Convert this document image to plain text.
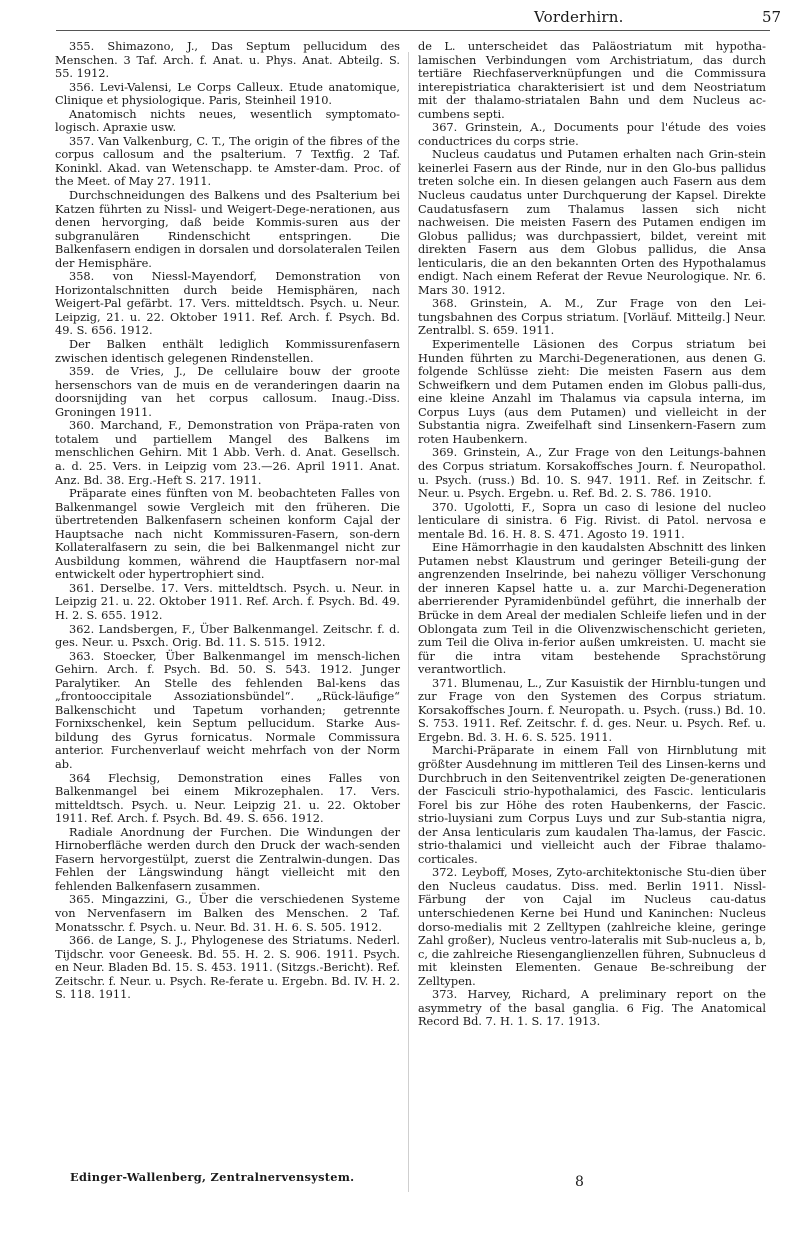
Vorderhirn.	57

355. Shimazono, J., Das Septum pellucidum des Menschen. 3 Taf. Arch. f. Anat. u. Phys. Anat. Abteilg. S. 55. 1912.

356. Levi-Valensi, Le Corps Calleux. Etude anatomique, Clinique et physiologique. Paris, Steinheil 1910.

Anatomisch nichts neues, wesentlich symptomato-logisch. Apraxie usw.

357. Van Valkenburg, C. T., The origin of the fibres of the corpus callosum and the psalterium. 7 Textfig. 2 Taf. Koninkl. Akad. van Wetenschapp. te Amster-dam. Proc. of the Meet. of May 27. 1911.

Durchschneidungen des Balkens und des Psalterium bei Katzen führten zu Nissl- und Weigert-Dege-nerationen, aus denen hervorging, daß beide Kommis-suren aus der subgranulären Rindenschicht entspringen. Die Balkenfasern endigen in dorsalen und dorsolateralen Teilen der Hemisphäre.

358. von Niessl-Mayendorf, Demonstration von Horizontalschnitten durch beide Hemisphären, nach Weigert-Pal gefärbt. 17. Vers. mitteldtsch. Psych. u. Neur. Leipzig, 21. u. 22. Oktober 1911. Ref. Arch. f. Psych. Bd. 49. S. 656. 1912.

Der Balken enthält lediglich Kommissurenfasern zwischen identisch gelegenen Rindenstellen.

359. de Vries, J., De cellulaire bouw der groote hersenschors van de muis en de veranderingen daarin na doorsnijding van het corpus callosum. Inaug.-Diss. Groningen 1911.

360. Marchand, F., Demonstration von Präpa-raten von totalem und partiellem Mangel des Balkens im menschlichen Gehirn. Mit 1 Abb. Verh. d. Anat. Gesellsch. a. d. 25. Vers. in Leipzig vom 23.—26. April 1911. Anat. Anz. Bd. 38. Erg.-Heft S. 217. 1911.

Präparate eines fünften von M. beobachteten Falles von Balkenmangel sowie Vergleich mit den früheren. Die übertretenden Balkenfasern scheinen konform Cajal der Hauptsache nach nicht Kommissuren-Fasern, son-dern Kollateralfasern zu sein, die bei Balkenmangel nicht zur Ausbildung kommen, während die Hauptfasern nor-mal entwickelt oder hypertrophiert sind.

361. Derselbe. 17. Vers. mitteldtsch. Psych. u. Neur. in Leipzig 21. u. 22. Oktober 1911. Ref. Arch. f. Psych. Bd. 49. H. 2. S. 655. 1912.

362. Landsbergen, F., Über Balkenmangel. Zeitschr. f. d. ges. Neur. u. Psxch. Orig. Bd. 11. S. 515. 1912.

363. Stoecker, Über Balkenmangel im mensch-lichen Gehirn. Arch. f. Psych. Bd. 50. S. 543. 1912. Junger Paralytiker. An Stelle des fehlenden Bal-kens das „frontooccipitale Assoziationsbündel“. „Rück-läufige“ Balkenschicht und Tapetum vorhanden; getrennte Fornixschenkel, kein Septum pellucidum. Starke Aus-bildung des Gyrus fornicatus. Normale Commissura anterior. Furchenverlauf weicht mehrfach von der Norm ab.

364 Flechsig, Demonstration eines Falles von Balkenmangel bei einem Mikrozephalen. 17. Vers. mitteldtsch. Psych. u. Neur. Leipzig 21. u. 22. Oktober 1911. Ref. Arch. f. Psych. Bd. 49. S. 656. 1912.

Radiale Anordnung der Furchen. Die Windungen der Hirnoberfläche werden durch den Druck der wach-senden Fasern hervorgestülpt, zuerst die Zentralwin-dungen. Das Fehlen der Längswindung hängt vielleicht mit den fehlenden Balkenfasern zusammen.

365. Mingazzini, G., Über die verschiedenen Systeme von Nervenfasern im Balken des Menschen. 2 Taf. Monatsschr. f. Psych. u. Neur. Bd. 31. H. 6. S. 505. 1912.

366. de Lange, S. J., Phylogenese des Striatums. Nederl. Tijdschr. voor Geneesk. Bd. 55. H. 2. S. 906. 1911. Psych. en Neur. Bladen Bd. 15. S. 453. 1911. (Sitzgs.-Bericht). Ref. Zeitschr. f. Neur. u. Psych. Re-ferate u. Ergebn. Bd. IV. H. 2. S. 118. 1911.

de L. unterscheidet das Paläostriatum mit hypotha-lamischen Verbindungen vom Archistriatum, das durch tertiäre Riechfaserverknüpfungen und die Commissura interepistriatica charakterisiert ist und dem Neostriatum mit der thalamo-striatalen Bahn und dem Nucleus ac-cumbens septi.

367. Grinstein, A., Documents pour l'étude des voies conductrices du corps strie.

Nucleus caudatus und Putamen erhalten nach Grin-stein keinerlei Fasern aus der Rinde, nur in den Glo-bus pallidus treten solche ein. In diesen gelangen auch Fasern aus dem Nucleus caudatus unter Durchquerung der Kapsel. Direkte Caudatusfasern zum Thalamus lassen sich nicht nachweisen. Die meisten Fasern des Putamen endigen im Globus pallidus; was durchpassiert, bildet, vereint mit direkten Fasern aus dem Globus pallidus, die Ansa lenticularis, die an den bekannten Orten des Hypothalamus endigt. Nach einem Referat der Revue Neurologique. Nr. 6. Mars 30. 1912.

368. Grinstein, A. M., Zur Frage von den Lei-tungsbahnen des Corpus striatum. [Vorläuf. Mitteilg.] Neur. Zentralbl. S. 659. 1911.

Experimentelle Läsionen des Corpus striatum bei Hunden führten zu Marchi-Degenerationen, aus denen G. folgende Schlüsse zieht: Die meisten Fasern aus dem Schweifkern und dem Putamen enden im Globus palli-dus, eine kleine Anzahl im Thalamus via capsula interna, im Corpus Luys (aus dem Putamen) und vielleicht in der Substantia nigra. Zweifelhaft sind Linsenkern-Fasern zum roten Haubenkern.

369. Grinstein, A., Zur Frage von den Leitungs-bahnen des Corpus striatum. Korsakoffsches Journ. f. Neuropathol. u. Psych. (russ.) Bd. 10. S. 947. 1911. Ref. in Zeitschr. f. Neur. u. Psych. Ergebn. u. Ref. Bd. 2. S. 786. 1910.

370. Ugolotti, F., Sopra un caso di lesione del nucleo lenticulare di sinistra. 6 Fig. Rivist. di Patol. nervosa e mentale Bd. 16. H. 8. S. 471. Agosto 19. 1911.

Eine Hämorrhagie in den kaudalsten Abschnitt des linken Putamen nebst Klaustrum und geringer Beteili-gung der angrenzenden Inselrinde, bei nahezu völliger Verschonung der inneren Kapsel hatte u. a. zur Marchi-Degeneration aberrierender Pyramidenbündel geführt, die innerhalb der Brücke in dem Areal der medialen Schleife liefen und in der Oblongata zum Teil in die Olivenzwischenschicht gerieten, zum Teil die Oliva in-ferior außen umkreisten. U. macht sie für die intra vitam bestehende Sprachstörung verantwortlich.

371. Blumenau, L., Zur Kasuistik der Hirnblu-tungen und zur Frage von den Systemen des Corpus striatum. Korsakoffsches Journ. f. Neuropath. u. Psych. (russ.) Bd. 10. S. 753. 1911. Ref. Zeitschr. f. d. ges. Neur. u. Psych. Ref. u. Ergebn. Bd. 3. H. 6. S. 525. 1911.

Marchi-Präparate in einem Fall von Hirnblutung mit größter Ausdehnung im mittleren Teil des Linsen-kerns und Durchbruch in den Seitenventrikel zeigten De-generationen der Fasciculi strio-hypothalamici, des Fascic. lenticularis Forel bis zur Höhe des roten Haubenkerns, der Fascic. strio-luysiani zum Corpus Luys und zur Sub-stantia nigra, der Ansa lenticularis zum kaudalen Tha-lamus, der Fascic. strio-thalamici und vielleicht auch der Fibrae thalamo-corticales.

372. Leyboff, Moses, Zyto-architektonische Stu-dien über den Nucleus caudatus. Diss. med. Berlin 1911. Nissl-Färbung der von Cajal im Nucleus cau-datus unterschiedenen Kerne bei Hund und Kaninchen: Nucleus dorso-medialis mit 2 Zelltypen (zahlreiche kleine, geringe Zahl großer), Nucleus ventro-lateralis mit Sub-nucleus a, b, c, die zahlreiche Riesenganglienzellen führen, Subnucleus d mit kleinsten Elementen. Genaue Be-schreibung der Zelltypen.

373. Harvey, Richard, A preliminary report on the asymmetry of the basal ganglia. 6 Fig. The Anatomical Record Bd. 7. H. 1. S. 17. 1913.

Edinger-Wallenberg, Zentralnervensystem.	8
